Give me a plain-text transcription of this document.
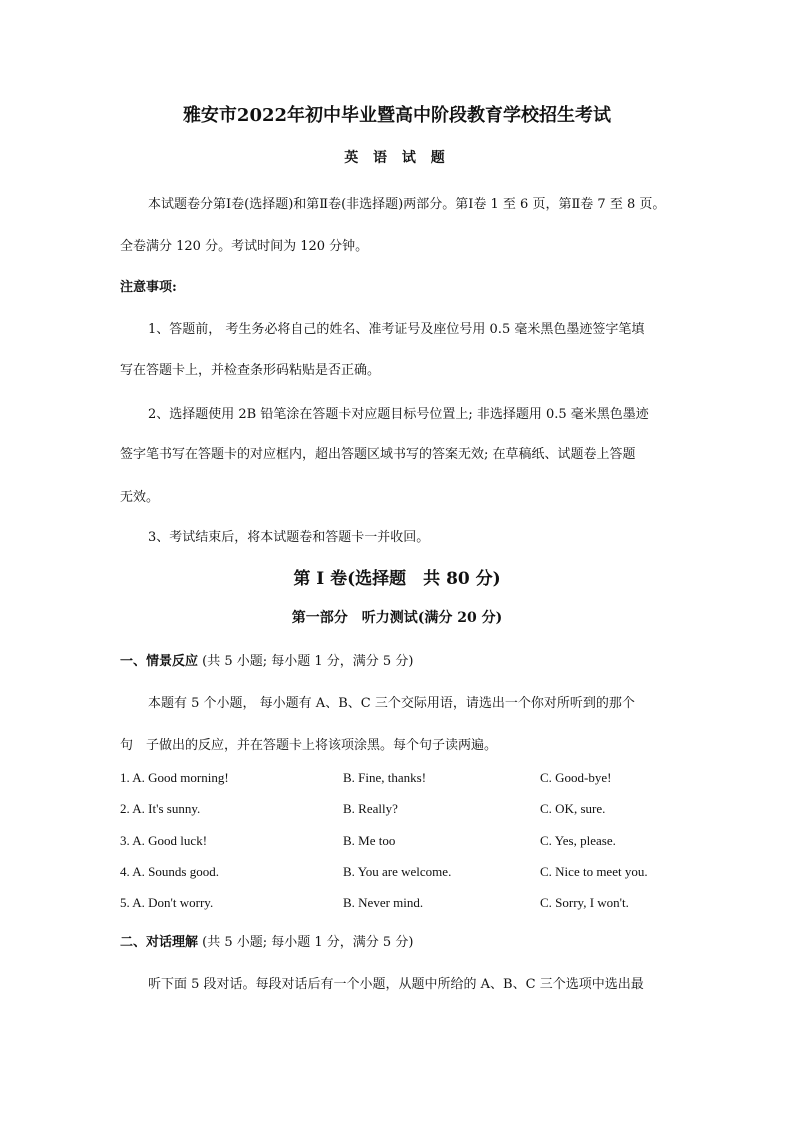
雅安市2022年初中毕业暨高中阶段教育学校招生考试
英 语 试 题
本试题卷分第Ⅰ卷(选择题)和第Ⅱ卷(非选择题)两部分。第Ⅰ卷 1 至 6 页，第Ⅱ卷 7 至 8 页。
全卷满分 120 分。考试时间为 120 分钟。
注意事项:
1、答题前， 考生务必将自己的姓名、准考证号及座位号用 0.5 毫米黑色墨迹签字笔填
写在答题卡上，并检查条形码粘贴是否正确。
2、选择题使用 2B 铅笔涂在答题卡对应题目标号位置上; 非选择题用 0.5 毫米黑色墨迹
签字笔书写在答题卡的对应框内，超出答题区域书写的答案无效; 在草稿纸、试题卷上答题
无效。
3、考试结束后，将本试题卷和答题卡一并收回。
第 I 卷(选择题　共 80 分)
第一部分　听力测试(满分 20 分)
一、情景反应 (共 5 小题; 每小题 1 分，满分 5 分)
本题有 5 个小题， 每小题有 A、B、C 三个交际用语，请选出一个你对所听到的那个
句　子做出的反应，并在答题卡上将该项涂黑。每个句子读两遍。
1. A. Good morning!	B. Fine, thanks!	C. Good-bye!
2. A. It's sunny.	B. Really?	C. OK, sure.
3. A. Good luck!	B. Me too	C. Yes, please.
4. A. Sounds good.	B. You are welcome.	C. Nice to meet you.
5. A. Don't worry.	B. Never mind.	C. Sorry, I won't.
二、对话理解 (共 5 小题; 每小题 1 分，满分 5 分)
听下面 5 段对话。每段对话后有一个小题，从题中所给的 A、B、C 三个选项中选出最
